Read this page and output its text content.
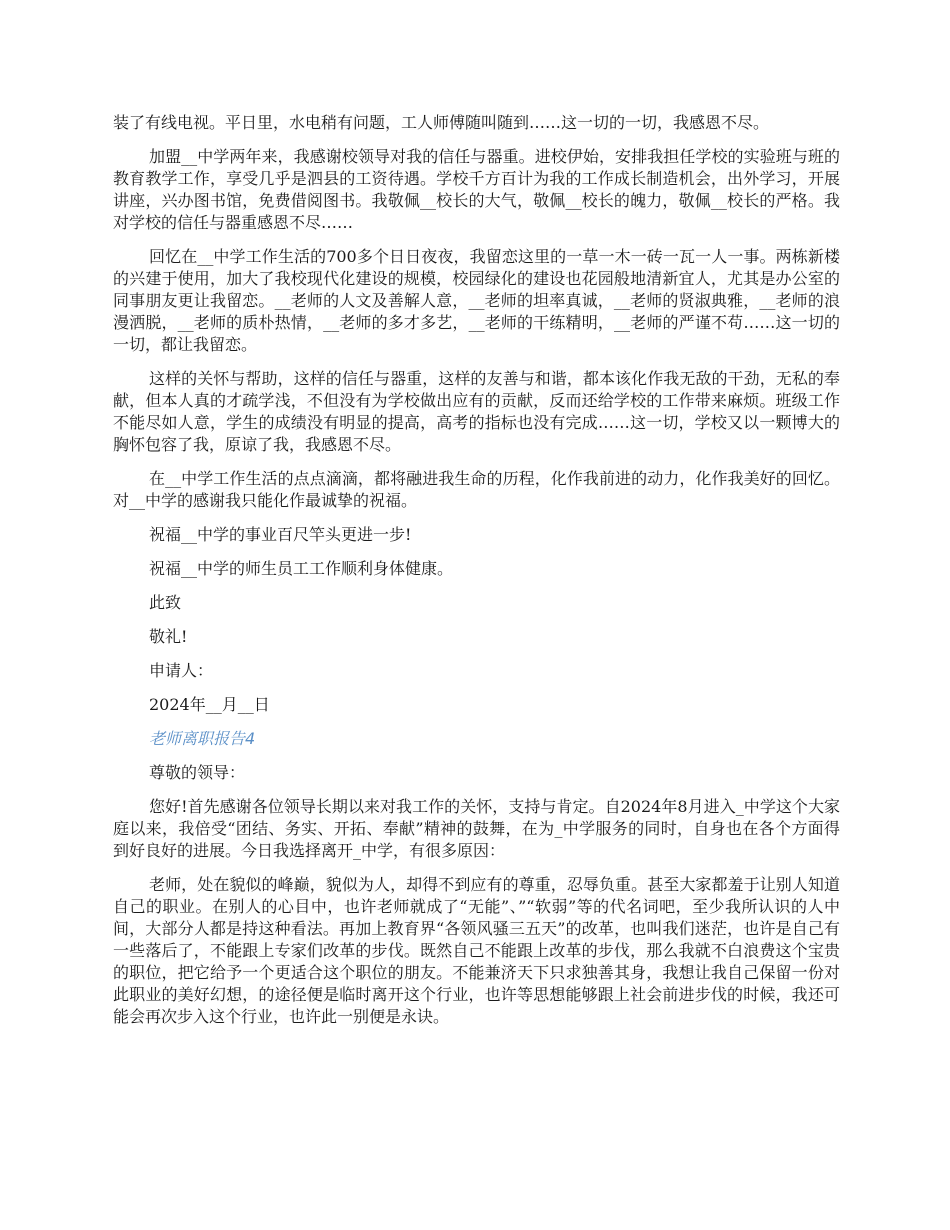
装了有线电视。平日里，水电稍有问题，工人师傅随叫随到……这一切的一切，我感恩不尽。

加盟__中学两年来，我感谢校领导对我的信任与器重。进校伊始，安排我担任学校的实验班与班的教育教学工作，享受几乎是泗县的工资待遇。学校千方百计为我的工作成长制造机会，出外学习，开展讲座，兴办图书馆，免费借阅图书。我敬佩__校长的大气，敬佩__校长的魄力，敬佩__校长的严格。我对学校的信任与器重感恩不尽……

回忆在__中学工作生活的700多个日日夜夜，我留恋这里的一草一木一砖一瓦一人一事。两栋新楼的兴建于使用，加大了我校现代化建设的规模，校园绿化的建设也花园般地清新宜人，尤其是办公室的同事朋友更让我留恋。__老师的人文及善解人意，__老师的坦率真诚，__老师的贤淑典雅，__老师的浪漫洒脱，__老师的质朴热情，__老师的多才多艺，__老师的干练精明，__老师的严谨不苟……这一切的一切，都让我留恋。

这样的关怀与帮助，这样的信任与器重，这样的友善与和谐，都本该化作我无敌的干劲，无私的奉献，但本人真的才疏学浅，不但没有为学校做出应有的贡献，反而还给学校的工作带来麻烦。班级工作不能尽如人意，学生的成绩没有明显的提高，高考的指标也没有完成……这一切，学校又以一颗博大的胸怀包容了我，原谅了我，我感恩不尽。

在__中学工作生活的点点滴滴，都将融进我生命的历程，化作我前进的动力，化作我美好的回忆。对__中学的感谢我只能化作最诚挚的祝福。

祝福__中学的事业百尺竿头更进一步!

祝福__中学的师生员工工作顺利身体健康。

此致

敬礼!

申请人：

2024年__月__日

老师离职报告4

尊敬的领导：

您好!首先感谢各位领导长期以来对我工作的关怀，支持与肯定。自2024年8月进入_中学这个大家庭以来，我倍受“团结、务实、开拓、奉献”精神的鼓舞，在为_中学服务的同时，自身也在各个方面得到好良好的进展。今日我选择离开_中学，有很多原因：

老师，处在貌似的峰巅，貌似为人，却得不到应有的尊重，忍辱负重。甚至大家都羞于让别人知道自己的职业。在别人的心目中，也许老师就成了“无能”、”“软弱”等的代名词吧，至少我所认识的人中间，大部分人都是持这种看法。再加上教育界“各领风骚三五天”的改革，也叫我们迷茫，也许是自己有一些落后了，不能跟上专家们改革的步伐。既然自己不能跟上改革的步伐，那么我就不白浪费这个宝贵的职位，把它给予一个更适合这个职位的朋友。不能兼济天下只求独善其身，我想让我自己保留一份对此职业的美好幻想，的途径便是临时离开这个行业，也许等思想能够跟上社会前进步伐的时候，我还可能会再次步入这个行业，也许此一别便是永诀。
